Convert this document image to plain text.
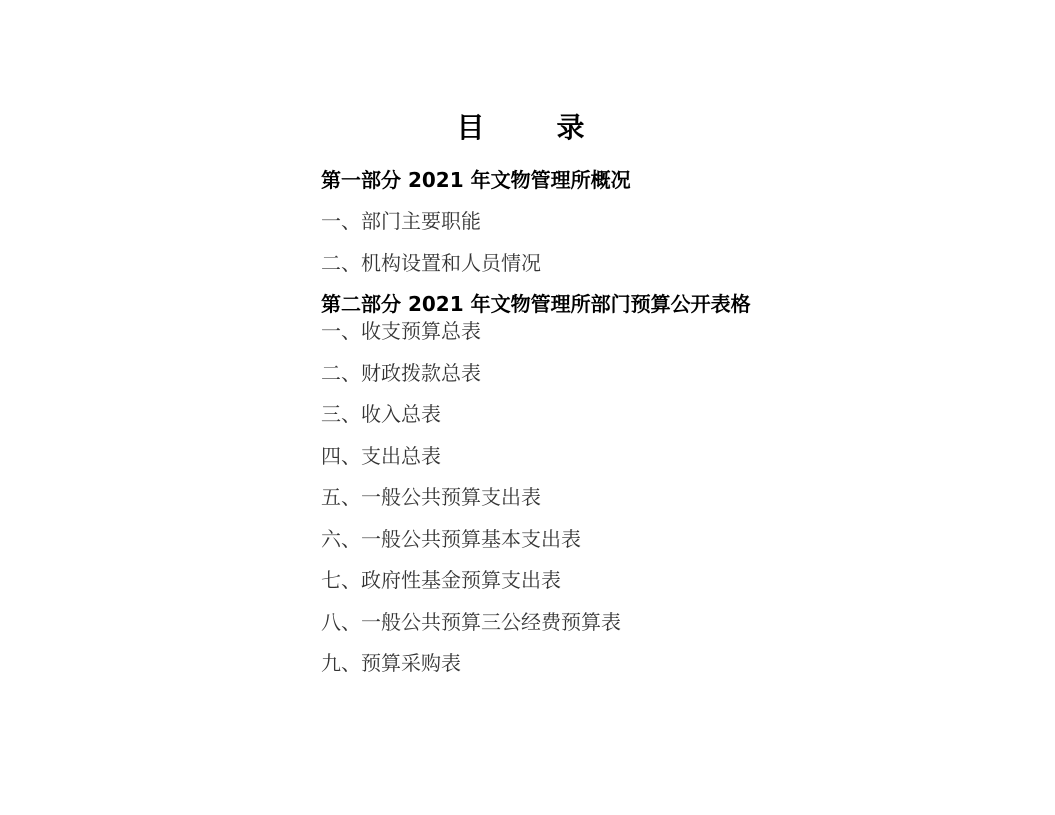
目　录
第一部分 2021 年文物管理所概况
一、部门主要职能
二、机构设置和人员情况
第二部分 2021 年文物管理所部门预算公开表格
一、收支预算总表
二、财政拨款总表
三、收入总表
四、支出总表
五、一般公共预算支出表
六、一般公共预算基本支出表
七、政府性基金预算支出表
八、一般公共预算三公经费预算表
九、预算采购表
